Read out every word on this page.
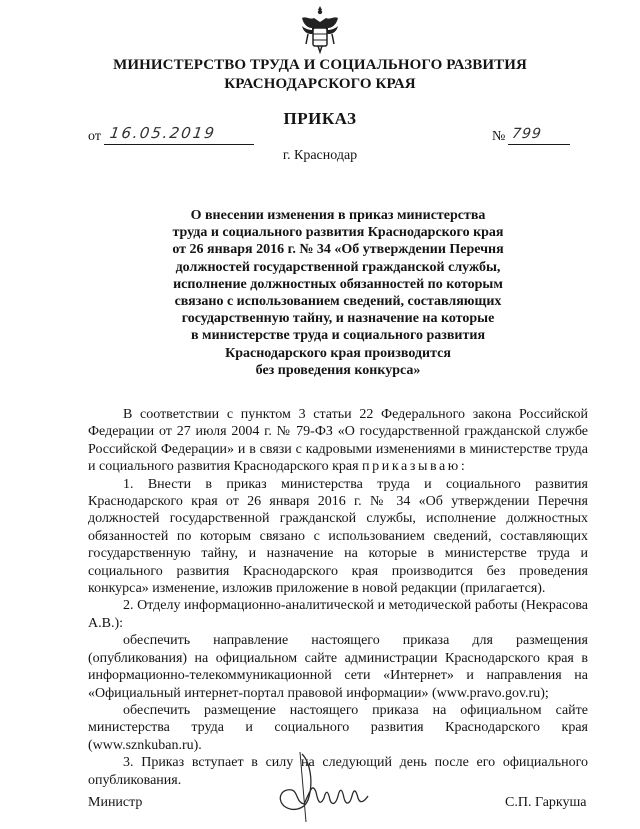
МИНИСТЕРСТВО ТРУДА И СОЦИАЛЬНОГО РАЗВИТИЯ
КРАСНОДАРСКОГО КРАЯ
ПРИКАЗ
от 16.05.2019	№ 799
г. Краснодар
О внесении изменения в приказ министерства
труда и социального развития Краснодарского края
от 26 января 2016 г. № 34 «Об утверждении Перечня
должностей государственной гражданской службы,
исполнение должностных обязанностей по которым
связано с использованием сведений, составляющих
государственную тайну, и назначение на которые
в министерстве труда и социального развития
Краснодарского края производится
без проведения конкурса»

В соответствии с пунктом 3 статьи 22 Федерального закона Российской Федерации от 27 июля 2004 г. № 79-ФЗ «О государственной гражданской службе Российской Федерации» и в связи с кадровыми изменениями в министерстве труда и социального развития Краснодарского края приказываю:

1. Внести в приказ министерства труда и социального развития Краснодарского края от 26 января 2016 г. № 34 «Об утверждении Перечня должностей государственной гражданской службы, исполнение должностных обязанностей по которым связано с использованием сведений, составляющих государственную тайну, и назначение на которые в министерстве труда и социального развития Краснодарского края производится без проведения конкурса» изменение, изложив приложение в новой редакции (прилагается).

2. Отделу информационно-аналитической и методической работы (Некрасова А.В.):

обеспечить направление настоящего приказа для размещения (опубликования) на официальном сайте администрации Краснодарского края в информационно-телекоммуникационной сети «Интернет» и направления на «Официальный интернет-портал правовой информации» (www.pravo.gov.ru);

обеспечить размещение настоящего приказа на официальном сайте министерства труда и социального развития Краснодарского края (www.sznkuban.ru).

3. Приказ вступает в силу на следующий день после его официального опубликования.

Министр	С.П. Гаркуша
